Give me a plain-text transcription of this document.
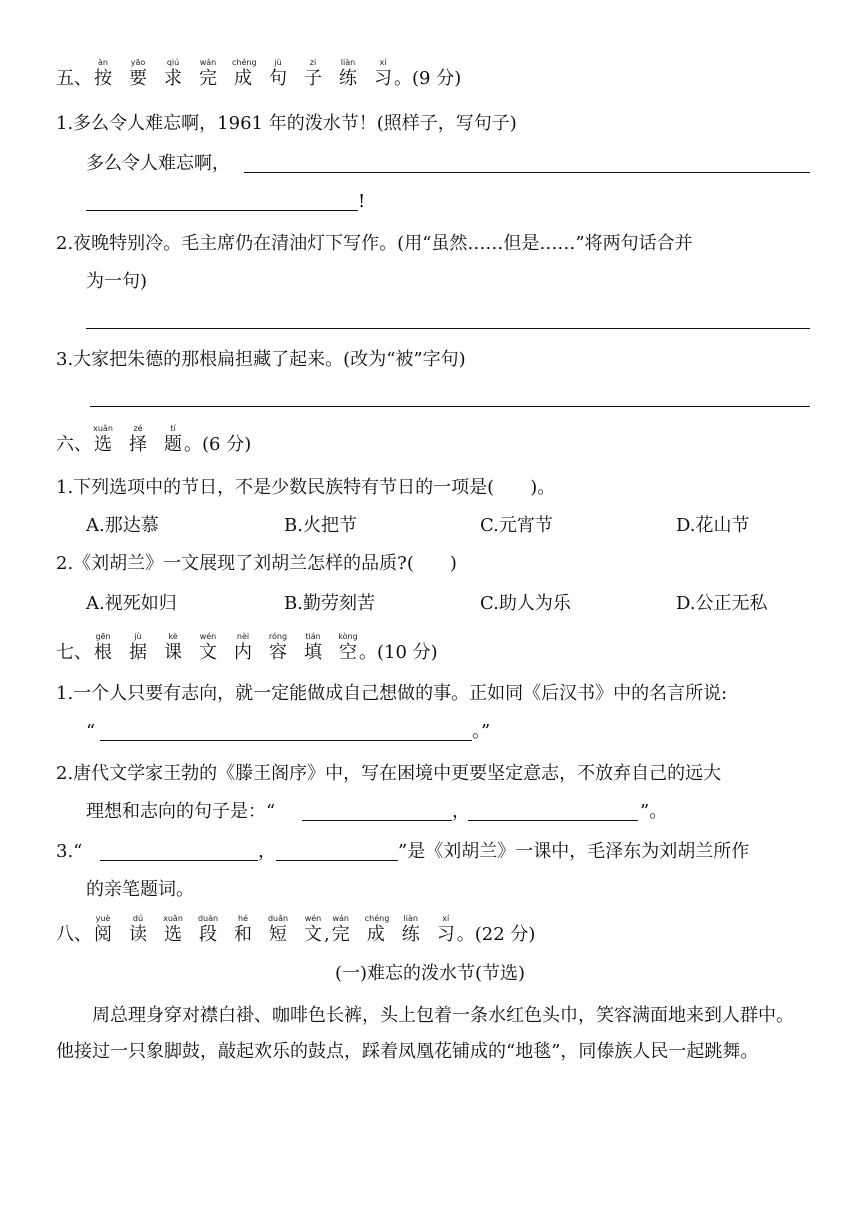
五、
àn
按
yāo
要
qiú
求
wán
完
chéng
成
jù
句
zi
子
liàn
练
xí
习 。(9 分)
1.多么令人难忘啊，1961 年的泼水节！(照样子，写句子)
多么令人难忘啊，
!
2.夜晚特别冷。毛主席仍在清油灯下写作。(用“虽然……但是……”将两句话合并
为一句)
3.大家把朱德的那根扁担藏了起来。(改为“被”字句)
六、
xuǎn
选
zé
择
tí
题 。(6 分)
1.下列选项中的节日，不是少数民族特有节日的一项是(　　)。
A.那达慕	B.火把节	C.元宵节	D.花山节
2.《刘胡兰》一文展现了刘胡兰怎样的品质?(　　)
A.视死如归	B.勤劳刻苦	C.助人为乐	D.公正无私
七、
gēn
根
jù
据
kè
课
wén
文
nèi
内
róng
容
tián
填
kòng
空 。(10 分)
1.一个人只要有志向，就一定能做成自己想做的事。正如同《后汉书》中的名言所说:
“	。”
2.唐代文学家王勃的《滕王阁序》中，写在困境中更要坚定意志，不放弃自己的远大
理想和志向的句子是：“	，	”。
3.“	，	”是《刘胡兰》一课中，毛泽东为刘胡兰所作
的亲笔题词。
八、
yuè
阅
dú
读
xuǎn
选
duàn
段
hé
和
duǎn
短
wén
文 ,
wán
完
chéng
成
liàn
练
xí
习 。(22 分)
(一)难忘的泼水节(节选)
周总理身穿对襟白褂、咖啡色长裤，头上包着一条水红色头巾，笑容满面地来到人群中。他接过一只象脚鼓，敲起欢乐的鼓点，踩着凤凰花铺成的“地毯”，同傣族人民一起跳舞。
